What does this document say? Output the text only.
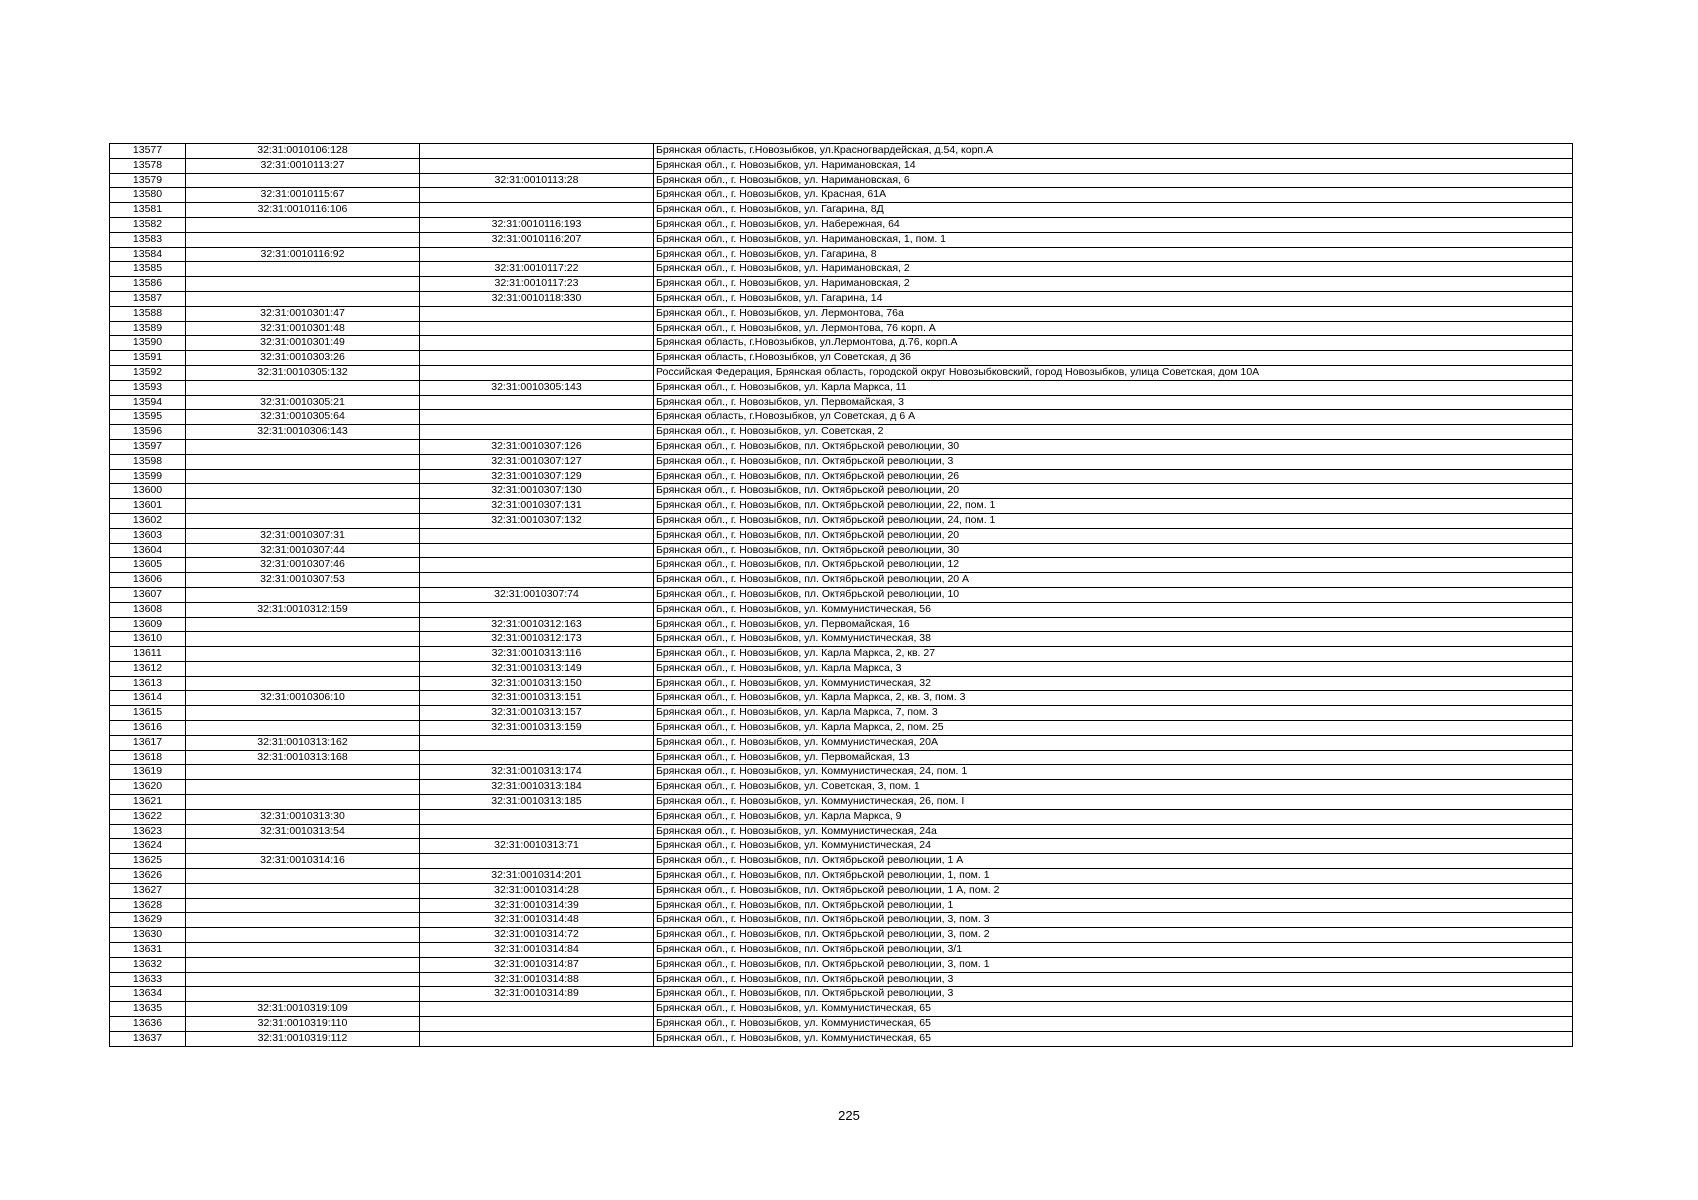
13577	32:31:0010106:128		Брянская область, г.Новозыбков, ул.Красногвардейская, д.54, корп.А
13578	32:31:0010113:27		Брянская обл., г. Новозыбков, ул. Наримановская, 14
13579		32:31:0010113:28	Брянская обл., г. Новозыбков, ул. Наримановская, 6
13580	32:31:0010115:67		Брянская обл., г. Новозыбков, ул. Красная, 61А
13581	32:31:0010116:106		Брянская обл., г. Новозыбков, ул. Гагарина, 8Д
13582		32:31:0010116:193	Брянская обл., г. Новозыбков, ул. Набережная, 64
13583		32:31:0010116:207	Брянская обл., г. Новозыбков, ул. Наримановская, 1, пом. 1
13584	32:31:0010116:92		Брянская обл., г. Новозыбков, ул. Гагарина, 8
13585		32:31:0010117:22	Брянская обл., г. Новозыбков, ул. Наримановская, 2
13586		32:31:0010117:23	Брянская обл., г. Новозыбков, ул. Наримановская, 2
13587		32:31:0010118:330	Брянская обл., г. Новозыбков, ул. Гагарина, 14
13588	32:31:0010301:47		Брянская обл., г. Новозыбков, ул. Лермонтова, 76а
13589	32:31:0010301:48		Брянская обл., г. Новозыбков, ул. Лермонтова, 76 корп. А
13590	32:31:0010301:49		Брянская область, г.Новозыбков, ул.Лермонтова, д.76, корп.А
13591	32:31:0010303:26		Брянская область, г.Новозыбков, ул Советская, д 36
13592	32:31:0010305:132		Российская Федерация, Брянская область, городской округ Новозыбковский, город Новозыбков, улица Советская, дом 10А
13593		32:31:0010305:143	Брянская обл., г. Новозыбков, ул. Карла Маркса, 11
13594	32:31:0010305:21		Брянская обл., г. Новозыбков, ул. Первомайская, 3
13595	32:31:0010305:64		Брянская область, г.Новозыбков, ул Советская, д 6 А
13596	32:31:0010306:143		Брянская обл., г. Новозыбков, ул. Советская, 2
13597		32:31:0010307:126	Брянская обл., г. Новозыбков, пл. Октябрьской революции, 30
13598		32:31:0010307:127	Брянская обл., г. Новозыбков, пл. Октябрьской революции, 3
13599		32:31:0010307:129	Брянская обл., г. Новозыбков, пл. Октябрьской революции, 26
13600		32:31:0010307:130	Брянская обл., г. Новозыбков, пл. Октябрьской революции, 20
13601		32:31:0010307:131	Брянская обл., г. Новозыбков, пл. Октябрьской революции, 22, пом. 1
13602		32:31:0010307:132	Брянская обл., г. Новозыбков, пл. Октябрьской революции, 24, пом. 1
13603	32:31:0010307:31		Брянская обл., г. Новозыбков, пл. Октябрьской революции, 20
13604	32:31:0010307:44		Брянская обл., г. Новозыбков, пл. Октябрьской революции, 30
13605	32:31:0010307:46		Брянская обл., г. Новозыбков, пл. Октябрьской революции, 12
13606	32:31:0010307:53		Брянская обл., г. Новозыбков, пл. Октябрьской революции, 20 А
13607		32:31:0010307:74	Брянская обл., г. Новозыбков, пл. Октябрьской революции, 10
13608	32:31:0010312:159		Брянская обл., г. Новозыбков, ул. Коммунистическая, 56
13609		32:31:0010312:163	Брянская обл., г. Новозыбков, ул. Первомайская, 16
13610		32:31:0010312:173	Брянская обл., г. Новозыбков, ул. Коммунистическая, 38
13611		32:31:0010313:116	Брянская обл., г. Новозыбков, ул. Карла Маркса, 2, кв. 27
13612		32:31:0010313:149	Брянская обл., г. Новозыбков, ул. Карла Маркса, 3
13613		32:31:0010313:150	Брянская обл., г. Новозыбков, ул. Коммунистическая, 32
13614	32:31:0010306:10	32:31:0010313:151	Брянская обл., г. Новозыбков, ул. Карла Маркса, 2, кв. 3, пом. 3
13615		32:31:0010313:157	Брянская обл., г. Новозыбков, ул. Карла Маркса, 7, пом. 3
13616		32:31:0010313:159	Брянская обл., г. Новозыбков, ул. Карла Маркса, 2, пом. 25
13617	32:31:0010313:162		Брянская обл., г. Новозыбков, ул. Коммунистическая, 20А
13618	32:31:0010313:168		Брянская обл., г. Новозыбков, ул. Первомайская, 13
13619		32:31:0010313:174	Брянская обл., г. Новозыбков, ул. Коммунистическая, 24, пом. 1
13620		32:31:0010313:184	Брянская обл., г. Новозыбков, ул. Советская, 3, пом. 1
13621		32:31:0010313:185	Брянская обл., г. Новозыбков, ул. Коммунистическая, 26, пом. I
13622	32:31:0010313:30		Брянская обл., г. Новозыбков, ул. Карла Маркса, 9
13623	32:31:0010313:54		Брянская обл., г. Новозыбков, ул. Коммунистическая, 24а
13624		32:31:0010313:71	Брянская обл., г. Новозыбков, ул. Коммунистическая, 24
13625	32:31:0010314:16		Брянская обл., г. Новозыбков, пл. Октябрьской революции, 1 А
13626		32:31:0010314:201	Брянская обл., г. Новозыбков, пл. Октябрьской революции, 1, пом. 1
13627		32:31:0010314:28	Брянская обл., г. Новозыбков, пл. Октябрьской революции, 1 А, пом. 2
13628		32:31:0010314:39	Брянская обл., г. Новозыбков, пл. Октябрьской революции, 1
13629		32:31:0010314:48	Брянская обл., г. Новозыбков, пл. Октябрьской революции, 3, пом. 3
13630		32:31:0010314:72	Брянская обл., г. Новозыбков, пл. Октябрьской революции, 3, пом. 2
13631		32:31:0010314:84	Брянская обл., г. Новозыбков, пл. Октябрьской революции, 3/1
13632		32:31:0010314:87	Брянская обл., г. Новозыбков, пл. Октябрьской революции, 3, пом. 1
13633		32:31:0010314:88	Брянская обл., г. Новозыбков, пл. Октябрьской революции, 3
13634		32:31:0010314:89	Брянская обл., г. Новозыбков, пл. Октябрьской революции, 3
13635	32:31:0010319:109		Брянская обл., г. Новозыбков, ул. Коммунистическая, 65
13636	32:31:0010319:110		Брянская обл., г. Новозыбков, ул. Коммунистическая, 65
13637	32:31:0010319:112		Брянская обл., г. Новозыбков, ул. Коммунистическая, 65
225
